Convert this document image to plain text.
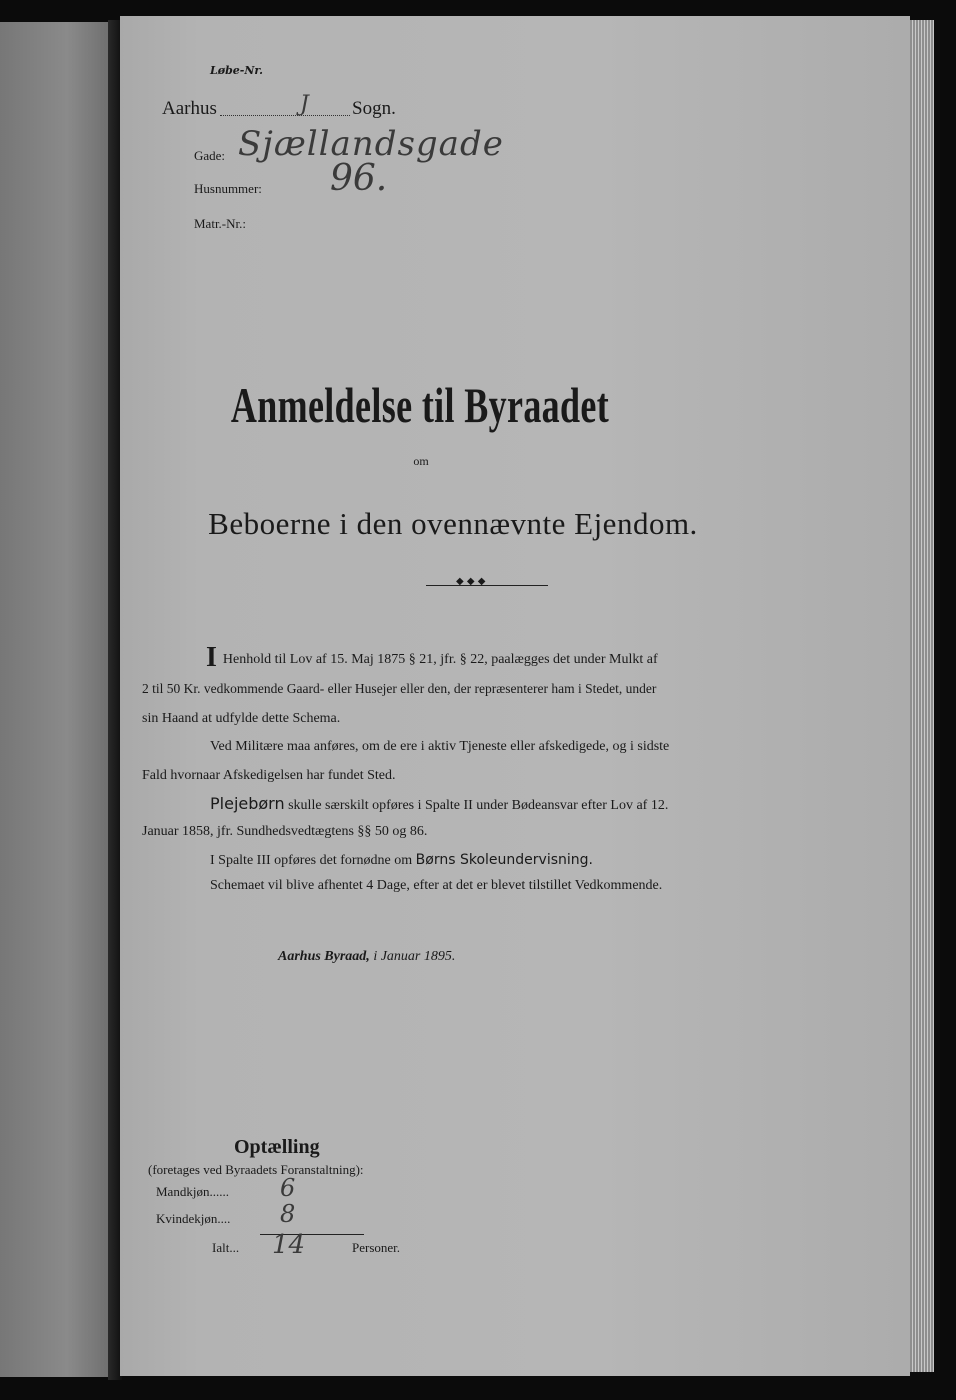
Løbe-Nr.
Aarhus	J Sogn.
Gade: Sjællandsgade
Husnummer: 96.
Matr.-Nr.:
Anmeldelse til Byraadet
om
Beboerne i den ovennævnte Ejendom.
◆ ◆ ◆
I Henhold til Lov af 15. Maj 1875 § 21, jfr. § 22, paalægges det under Mulkt af
2 til 50 Kr. vedkommende Gaard- eller Husejer eller den, der repræsenterer ham i Stedet, under
sin Haand at udfylde dette Schema.
Ved Militære maa anføres, om de ere i aktiv Tjeneste eller afskedigede, og i sidste
Fald hvornaar Afskedigelsen har fundet Sted.
Plejebørn skulle særskilt opføres i Spalte II under Bødeansvar efter Lov af 12.
Januar 1858, jfr. Sundhedsvedtægtens §§ 50 og 86.
I Spalte III opføres det fornødne om Børns Skoleundervisning.
Schemaet vil blive afhentet 4 Dage, efter at det er blevet tilstillet Vedkommende.
Aarhus Byraad, i Januar 1895.
Optælling
(foretages ved Byraadets Foranstaltning):
Mandkjøn...... 6
Kvindekjøn.... 8
Ialt... 14	Personer.
